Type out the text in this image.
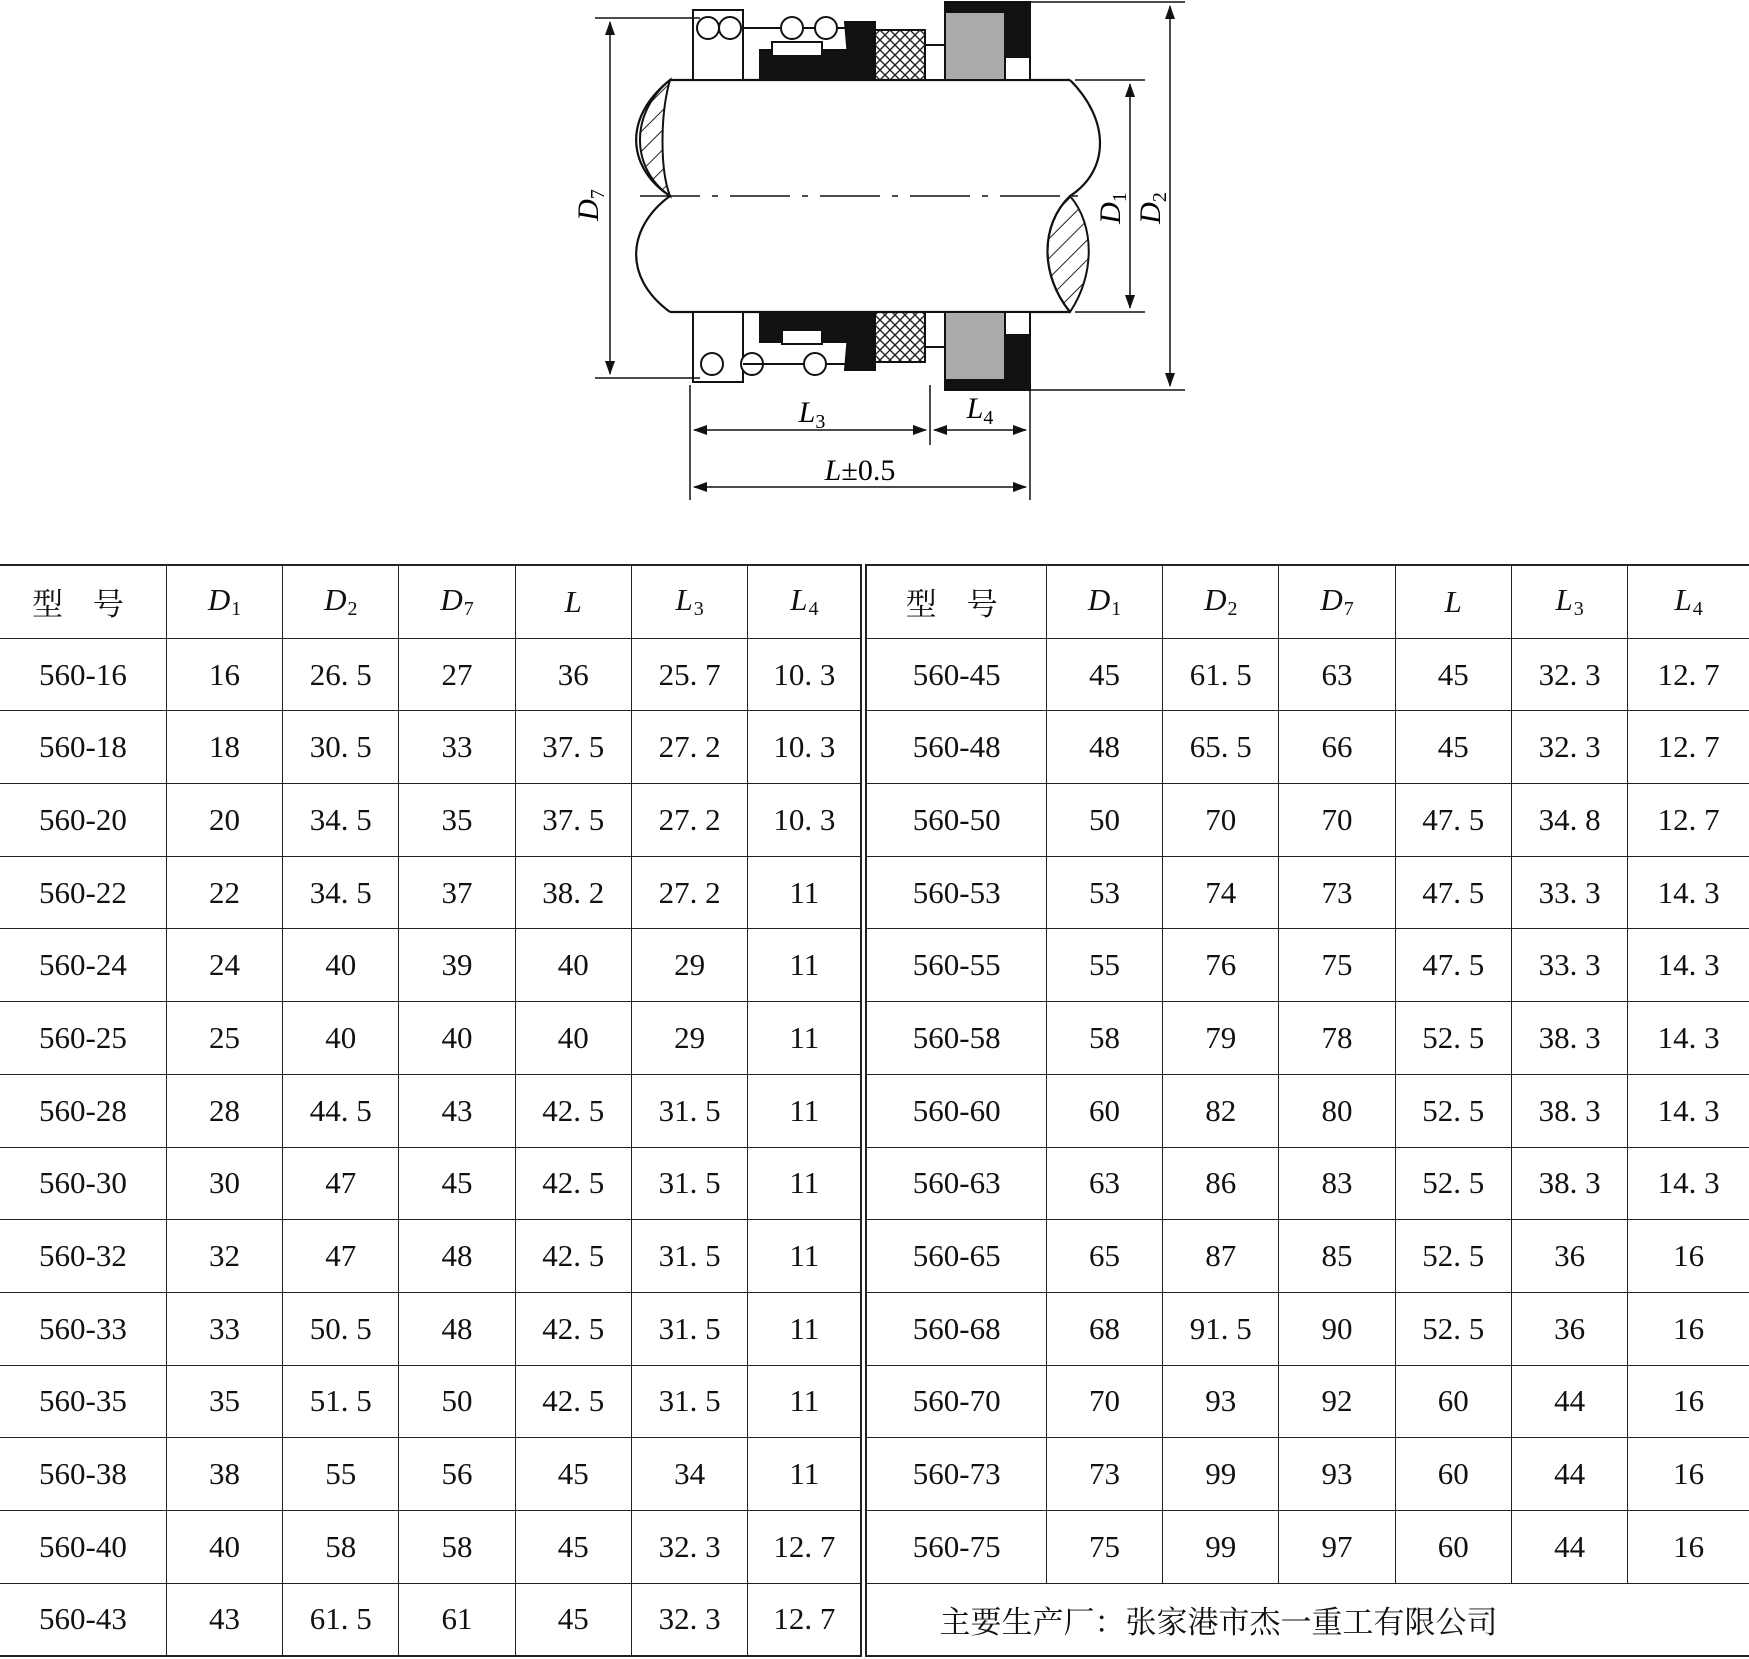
$D_7$
$D_1$
$D_2$
$L_3$	$L_4$
L±0.5
型号	$D_1$	$D_2$	$D_7$	L	$L_3$	$L_4$	型号	$D_1$	$D_2$	$D_7$	L	$L_3$	$L_4$
560-16	16	26. 5	27	36	25. 7	10. 3	560-45	45	61. 5	63	45	32. 3	12. 7
560-18	18	30. 5	33	37. 5	27. 2	10. 3	560-48	48	65. 5	66	45	32. 3	12. 7
560-20	20	34. 5	35	37. 5	27. 2	10. 3	560-50	50	70	70	47. 5	34. 8	12. 7
560-22	22	34. 5	37	38. 2	27. 2	11	560-53	53	74	73	47. 5	33. 3	14. 3
560-24	24	40	39	40	29	11	560-55	55	76	75	47. 5	33. 3	14. 3
560-25	25	40	40	40	29	11	560-58	58	79	78	52. 5	38. 3	14. 3
560-28	28	44. 5	43	42. 5	31. 5	11	560-60	60	82	80	52. 5	38. 3	14. 3
560-30	30	47	45	42. 5	31. 5	11	560-63	63	86	83	52. 5	38. 3	14. 3
560-32	32	47	48	42. 5	31. 5	11	560-65	65	87	85	52. 5	36	16
560-33	33	50. 5	48	42. 5	31. 5	11	560-68	68	91. 5	90	52. 5	36	16
560-35	35	51. 5	50	42. 5	31. 5	11	560-70	70	93	92	60	44	16
560-38	38	55	56	45	34	11	560-73	73	99	93	60	44	16
560-40	40	58	58	45	32. 3	12. 7	560-75	75	99	97	60	44	16
560-43	43	61. 5	61	45	32. 3	12. 7	主要生产厂：张家港市杰一重工有限公司						
